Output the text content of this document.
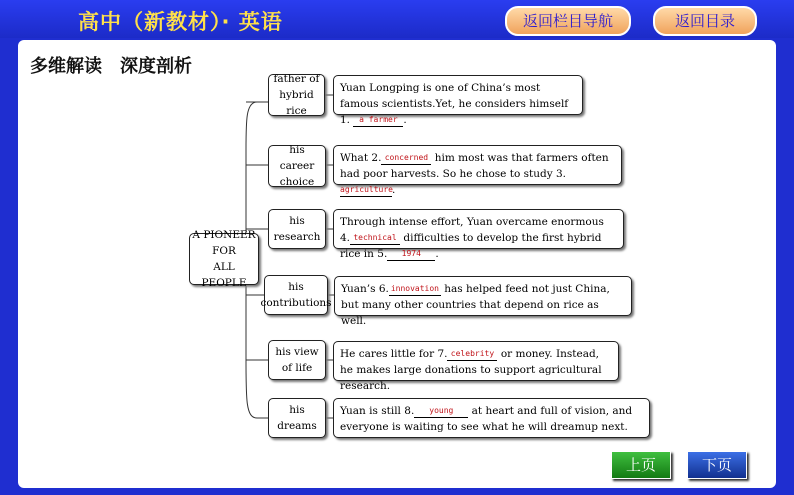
高中（新教材）· 英语	返回栏目导航	返回目录
多维解读　深度剖析
A PIONEER
FOR
ALL PEOPLE
father of
hybrid rice
Yuan Longping is one of China’s most famous scientists.Yet, he considers himself 1. a farmer .
his career
choice
What 2. concerned him most was that farmers often had poor harvests. So he chose to study 3.agriculture.
his
research
Through intense effort, Yuan overcame enormous 4. technical difficulties to develop the first hybrid rice in 5. 1974 .
his
contributions
Yuan’s 6. innovation has helped feed not just China, but many other countries that depend on rice as well.
his view
of life
He cares little for 7. celebrity or money. Instead, he makes large donations to support agricultural research.
his
dreams
Yuan is still 8. young at heart and full of vision, and everyone is waiting to see what he will dreamup next.
上页	下页
